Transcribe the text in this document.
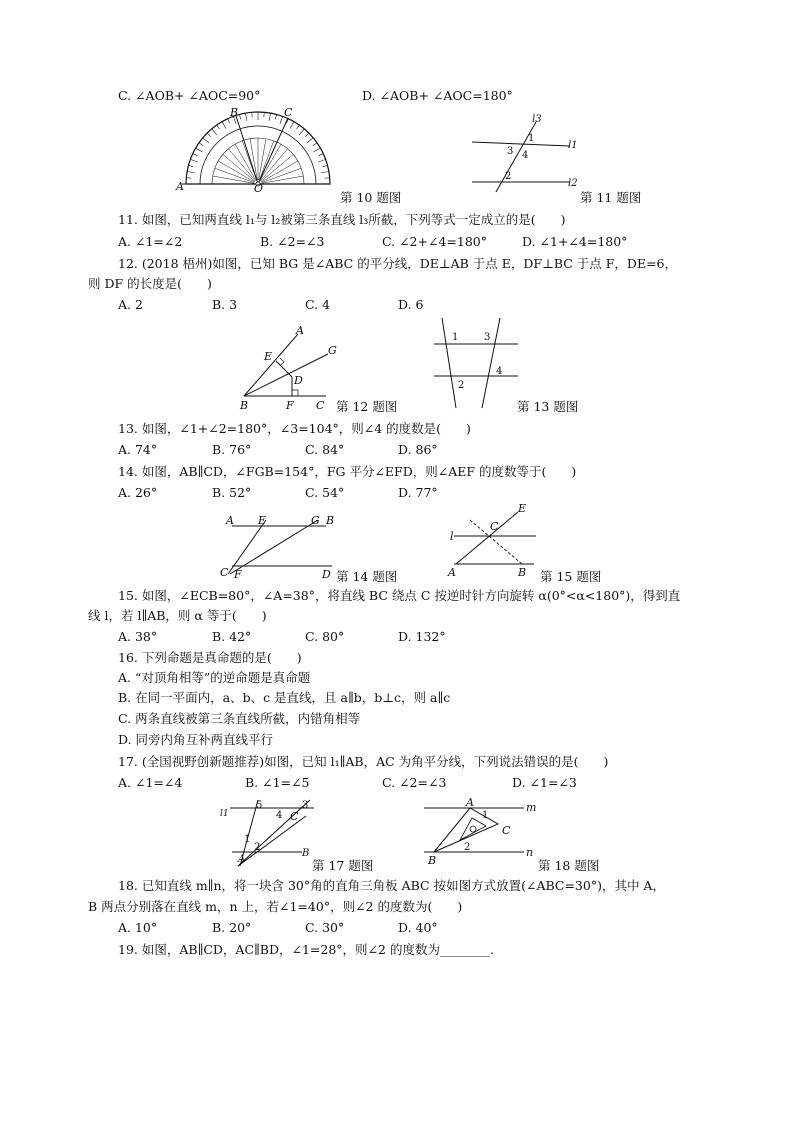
C. ∠AOB+ ∠AOC=90°	D. ∠AOB+ ∠AOC=180°
A
B	C
O
第 10 题图
l3
l1
l2
1
3 4
2
第 11 题图
11. 如图，已知两直线 l₁与 l₂被第三条直线 l₃所截，下列等式一定成立的是(　　)
A. ∠1=∠2	B. ∠2=∠3	C. ∠2+∠4=180°	D. ∠1+∠4=180°
12. (2018 梧州)如图，已知 BG 是∠ABC 的平分线，DE⊥AB 于点 E，DF⊥BC 于点 F，DE=6，
则 DF 的长度是(　　)
A. 2	B. 3	C. 4	D. 6
A
G
E
D
B	F C 第 12 题图
1	3
2
4
第 13 题图
13. 如图，∠1+∠2=180°，∠3=104°，则∠4 的度数是(　　)
A. 74°	B. 76°	C. 84°	D. 86°
14. 如图，AB∥CD，∠FGB=154°，FG 平分∠EFD，则∠AEF 的度数等于(　　)
A. 26°	B. 52°	C. 54°	D. 77°
A E	G B
C F	D 第 14 题图
l
E
C
A	B 第 15 题图
15. 如图，∠ECB=80°，∠A=38°，将直线 BC 绕点 C 按逆时针方向旋转 α(0°<α<180°)，得到直
线 l，若 l∥AB，则 α 等于(　　)
A. 38°	B. 42°	C. 80°	D. 132°
16. 下列命题是真命题的是(　　)
A. “对顶角相等”的逆命题是真命题
B. 在同一平面内，a、b、c 是直线，且 a∥b，b⊥c，则 a∥c
C. 两条直线被第三条直线所截，内错角相等
D. 同旁内角互补两直线平行
17. (全国视野创新题推荐)如图，已知 l₁∥AB，AC 为角平分线，下列说法错误的是(　　)
A. ∠1=∠4	B. ∠1=∠5	C. ∠2=∠3	D. ∠1=∠3
l1
5	3
4 C
1
2
A
B
第 17 题图
A	m
1
C
2	n
B	第 18 题图
18. 已知直线 m∥n，将一块含 30°角的直角三角板 ABC 按如图方式放置(∠ABC=30°)，其中 A，
B 两点分别落在直线 m，n 上，若∠1=40°，则∠2 的度数为(　　)
A. 10°	B. 20°	C. 30°	D. 40°
19. 如图，AB∥CD，AC∥BD，∠1=28°，则∠2 的度数为________.
